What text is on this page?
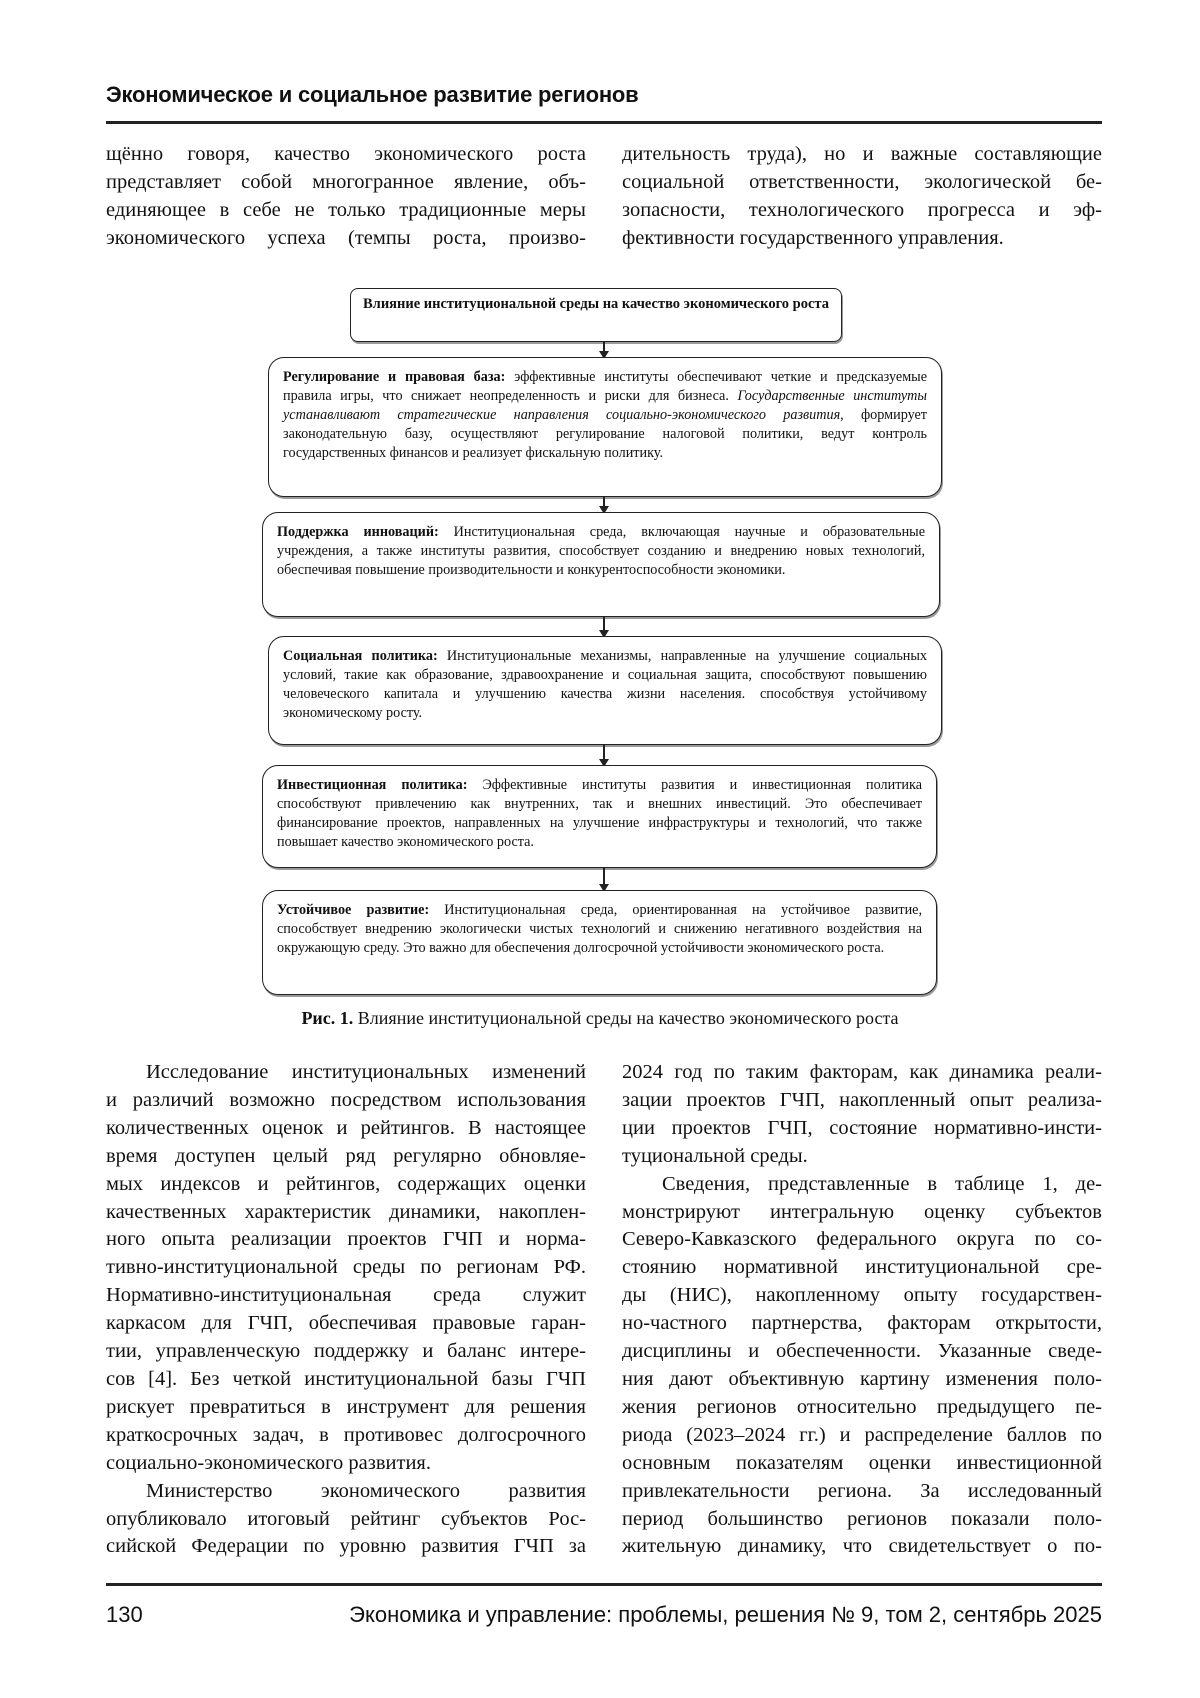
Экономическое и социальное развитие регионов
щённо говоря, качество экономического роста
представляет собой многогранное явление, объ-
единяющее в себе не только традиционные меры
экономического успеха (темпы роста, произво-
дительность труда), но и важные составляющие
социальной ответственности, экологической бе-
зопасности, технологического прогресса и эф-
фективности государственного управления.
Влияние институциональной среды на качество экономического роста
Регулирование и правовая база: эффективные институты обеспечивают четкие и предсказуемые правила игры, что снижает неопределенность и риски для бизнеса. Государственные институты устанавливают стратегические направления социально-экономического развития, формирует законодательную базу, осуществляют регулирование налоговой политики, ведут контроль государственных финансов и реализует фискальную политику.
Поддержка инноваций: Институциональная среда, включающая научные и образовательные учреждения, а также институты развития, способствует созданию и внедрению новых технологий, обеспечивая повышение производительности и конкурентоспособности экономики.
Социальная политика: Институциональные механизмы, направленные на улучшение социальных условий, такие как образование, здравоохранение и социальная защита, способствуют повышению человеческого капитала и улучшению качества жизни населения. способствуя устойчивому экономическому росту.
Инвестиционная политика: Эффективные институты развития и инвестиционная политика способствуют привлечению как внутренних, так и внешних инвестиций. Это обеспечивает финансирование проектов, направленных на улучшение инфраструктуры и технологий, что также повышает качество экономического роста.
Устойчивое развитие: Институциональная среда, ориентированная на устойчивое развитие, способствует внедрению экологически чистых технологий и снижению негативного воздействия на окружающую среду. Это важно для обеспечения долгосрочной устойчивости экономического роста.
Рис. 1. Влияние институциональной среды на качество экономического роста
Исследование институциональных изменений
и различий возможно посредством использования
количественных оценок и рейтингов. В настоящее
время доступен целый ряд регулярно обновляе-
мых индексов и рейтингов, содержащих оценки
качественных характеристик динамики, накоплен-
ного опыта реализации проектов ГЧП и норма-
тивно-институциональной среды по регионам РФ.
Нормативно-институциональная среда служит
каркасом для ГЧП, обеспечивая правовые гаран-
тии, управленческую поддержку и баланс интере-
сов [4]. Без четкой институциональной базы ГЧП
рискует превратиться в инструмент для решения
краткосрочных задач, в противовес долгосрочного
социально-экономического развития.
Министерство экономического развития
опубликовало итоговый рейтинг субъектов Рос-
сийской Федерации по уровню развития ГЧП за
2024 год по таким факторам, как динамика реали-
зации проектов ГЧП, накопленный опыт реализа-
ции проектов ГЧП, состояние нормативно-инсти-
туциональной среды.
Сведения, представленные в таблице 1, де-
монстрируют интегральную оценку субъектов
Северо-Кавказского федерального округа по со-
стоянию нормативной институциональной сре-
ды (НИС), накопленному опыту государствен-
но-частного партнерства, факторам открытости,
дисциплины и обеспеченности. Указанные сведе-
ния дают объективную картину изменения поло-
жения регионов относительно предыдущего пе-
риода (2023–2024 гг.) и распределение баллов по
основным показателям оценки инвестиционной
привлекательности региона. За исследованный
период большинство регионов показали поло-
жительную динамику, что свидетельствует о по-
130	Экономика и управление: проблемы, решения № 9, том 2, сентябрь 2025
